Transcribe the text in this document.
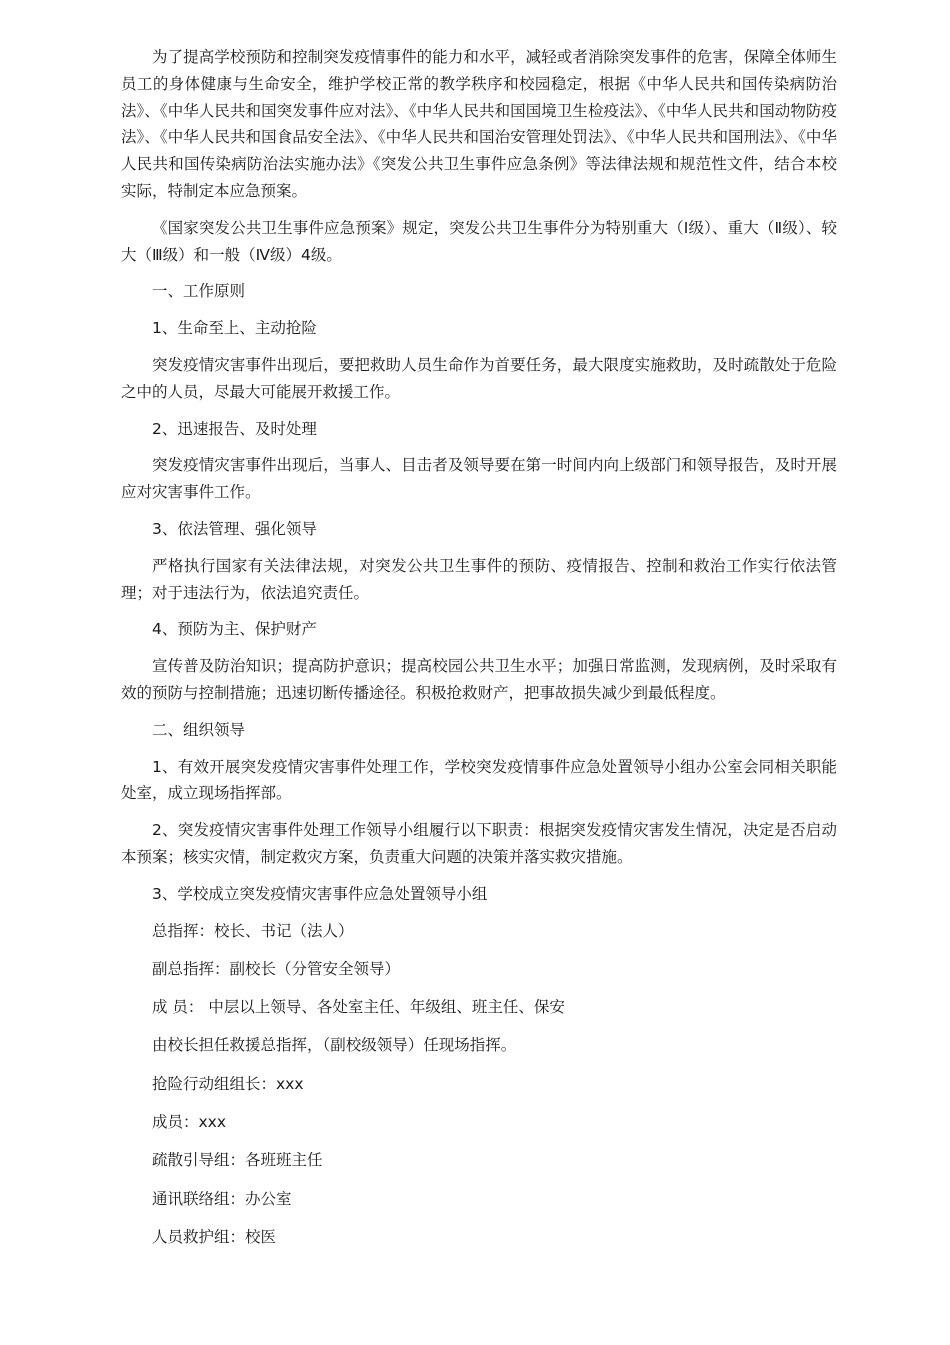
为了提高学校预防和控制突发疫情事件的能力和水平，减轻或者消除突发事件的危害，保障全体师生员工的身体健康与生命安全，维护学校正常的教学秩序和校园稳定，根据《中华人民共和国传染病防治法》、《中华人民共和国突发事件应对法》、《中华人民共和国国境卫生检疫法》、《中华人民共和国动物防疫法》、《中华人民共和国食品安全法》、《中华人民共和国治安管理处罚法》、《中华人民共和国刑法》、《中华人民共和国传染病防治法实施办法》《突发公共卫生事件应急条例》等法律法规和规范性文件，结合本校实际，特制定本应急预案。

《国家突发公共卫生事件应急预案》规定，突发公共卫生事件分为特别重大（Ⅰ级）、重大（Ⅱ级）、较大（Ⅲ级）和一般（Ⅳ级）4级。

一、工作原则

1、生命至上、主动抢险

突发疫情灾害事件出现后，要把救助人员生命作为首要任务，最大限度实施救助，及时疏散处于危险之中的人员，尽最大可能展开救援工作。

2、迅速报告、及时处理

突发疫情灾害事件出现后，当事人、目击者及领导要在第一时间内向上级部门和领导报告，及时开展应对灾害事件工作。

3、依法管理、强化领导

严格执行国家有关法律法规，对突发公共卫生事件的预防、疫情报告、控制和救治工作实行依法管理；对于违法行为，依法追究责任。

4、预防为主、保护财产

宣传普及防治知识；提高防护意识；提高校园公共卫生水平；加强日常监测，发现病例，及时采取有效的预防与控制措施；迅速切断传播途径。积极抢救财产，把事故损失减少到最低程度。

二、组织领导

1、有效开展突发疫情灾害事件处理工作，学校突发疫情事件应急处置领导小组办公室会同相关职能处室，成立现场指挥部。

2、突发疫情灾害事件处理工作领导小组履行以下职责：根据突发疫情灾害发生情况，决定是否启动本预案；核实灾情，制定救灾方案，负责重大问题的决策并落实救灾措施。

3、学校成立突发疫情灾害事件应急处置领导小组

总指挥：校长、书记（法人）

副总指挥：副校长（分管安全领导）

成 员： 中层以上领导、各处室主任、年级组、班主任、保安

由校长担任救援总指挥，（副校级领导）任现场指挥。

抢险行动组组长：xxx

成员：xxx

疏散引导组：各班班主任

通讯联络组：办公室

人员救护组：校医
